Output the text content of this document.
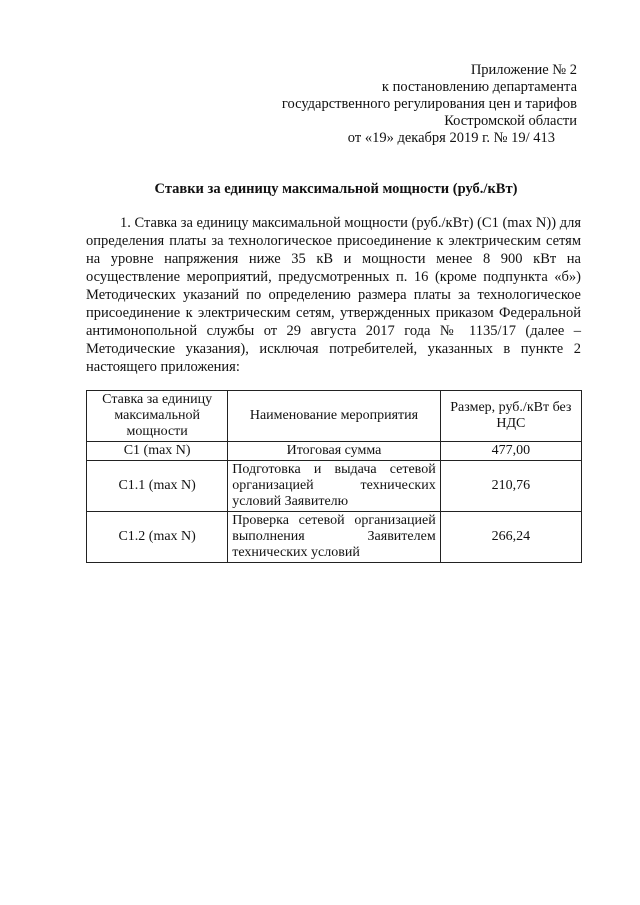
Приложение № 2
к постановлению департамента
государственного регулирования цен и тарифов
Костромской области
от «19» декабря 2019 г. № 19/ 413
Ставки за единицу максимальной мощности (руб./кВт)

1. Ставка за единицу максимальной мощности (руб./кВт) (C1 (max N)) для определения платы за технологическое присоединение к электрическим сетям на уровне напряжения ниже 35 кВ и мощности менее 8 900 кВт на осуществление мероприятий, предусмотренных п. 16 (кроме подпункта «б») Методических указаний по определению размера платы за технологическое присоединение к электрическим сетям, утвержденных приказом Федеральной антимонопольной службы от 29 августа 2017 года № 1135/17 (далее – Методические указания), исключая потребителей, указанных в пункте 2 настоящего приложения:

Ставка за единицу максимальной мощности	Наименование мероприятия	Размер, руб./кВт без НДС
C1 (max N)	Итоговая сумма	477,00
C1.1 (max N)	Подготовка и выдача сетевой организацией технических условий Заявителю	210,76
C1.2 (max N)	Проверка сетевой организацией выполнения Заявителем технических условий	266,24
